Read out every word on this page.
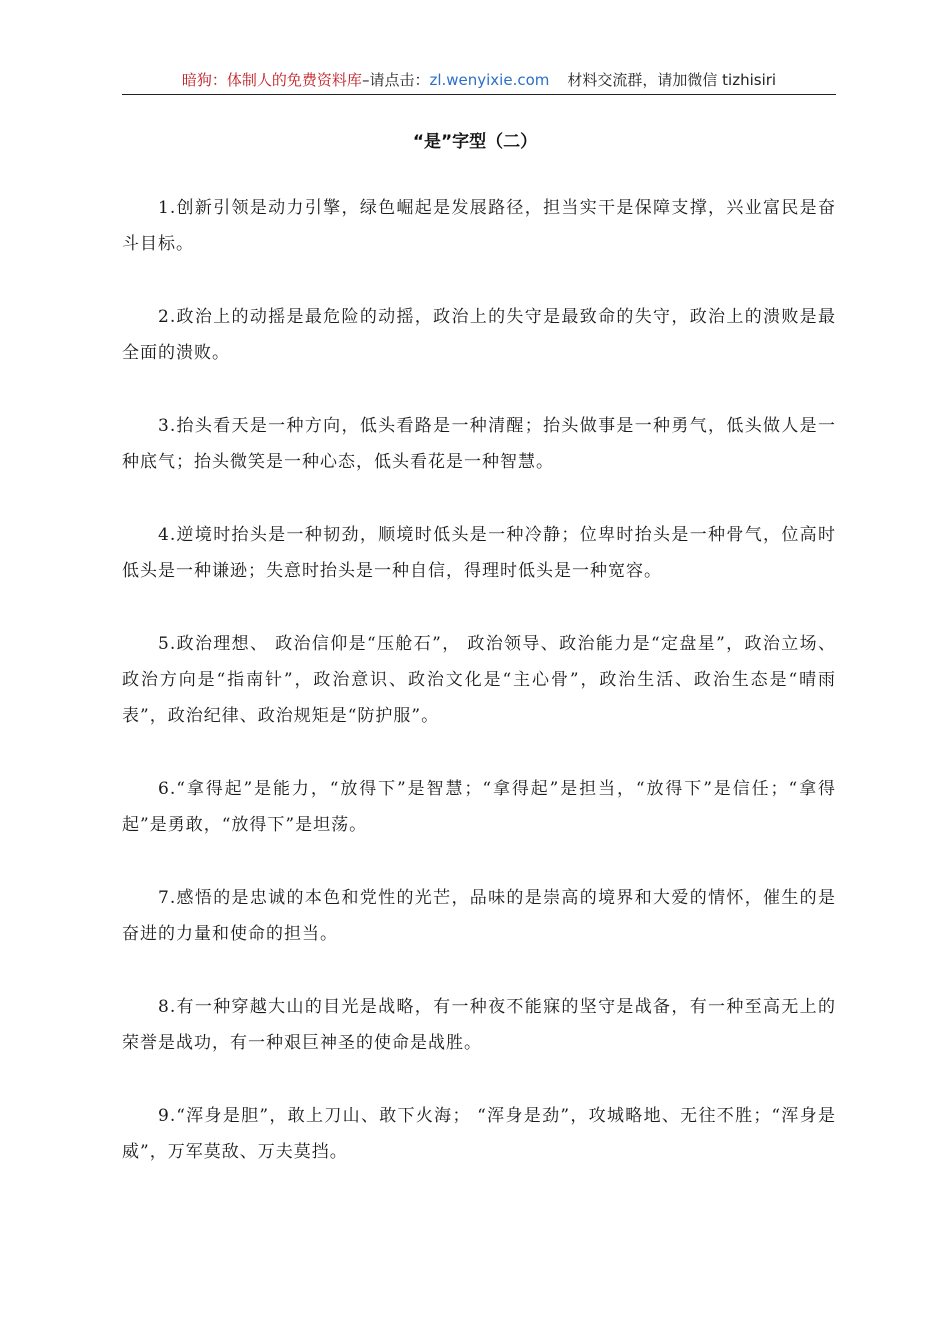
暗狗：体制人的免费资料库–请点击：zl.wenyixie.com 材料交流群，请加微信 tizhisiri
“是”字型（二）

1.创新引领是动力引擎，绿色崛起是发展路径，担当实干是保障支撑，兴业富民是奋斗目标。

2.政治上的动摇是最危险的动摇，政治上的失守是最致命的失守，政治上的溃败是最全面的溃败。

3.抬头看天是一种方向，低头看路是一种清醒；抬头做事是一种勇气，低头做人是一种底气；抬头微笑是一种心态，低头看花是一种智慧。

4.逆境时抬头是一种韧劲，顺境时低头是一种冷静；位卑时抬头是一种骨气，位高时低头是一种谦逊；失意时抬头是一种自信，得理时低头是一种宽容。

5.政治理想、 政治信仰是“压舱石”， 政治领导、政治能力是“定盘星”，政治立场、政治方向是“指南针”，政治意识、政治文化是“主心骨”，政治生活、政治生态是“晴雨表”，政治纪律、政治规矩是“防护服”。

6.“拿得起”是能力，“放得下”是智慧；“拿得起”是担当，“放得下”是信任；“拿得起”是勇敢，“放得下”是坦荡。

7.感悟的是忠诚的本色和党性的光芒，品味的是崇高的境界和大爱的情怀，催生的是奋进的力量和使命的担当。

8.有一种穿越大山的目光是战略，有一种夜不能寐的坚守是战备，有一种至高无上的荣誉是战功，有一种艰巨神圣的使命是战胜。

9.“浑身是胆”，敢上刀山、敢下火海； “浑身是劲”，攻城略地、无往不胜；“浑身是威”，万军莫敌、万夫莫挡。
